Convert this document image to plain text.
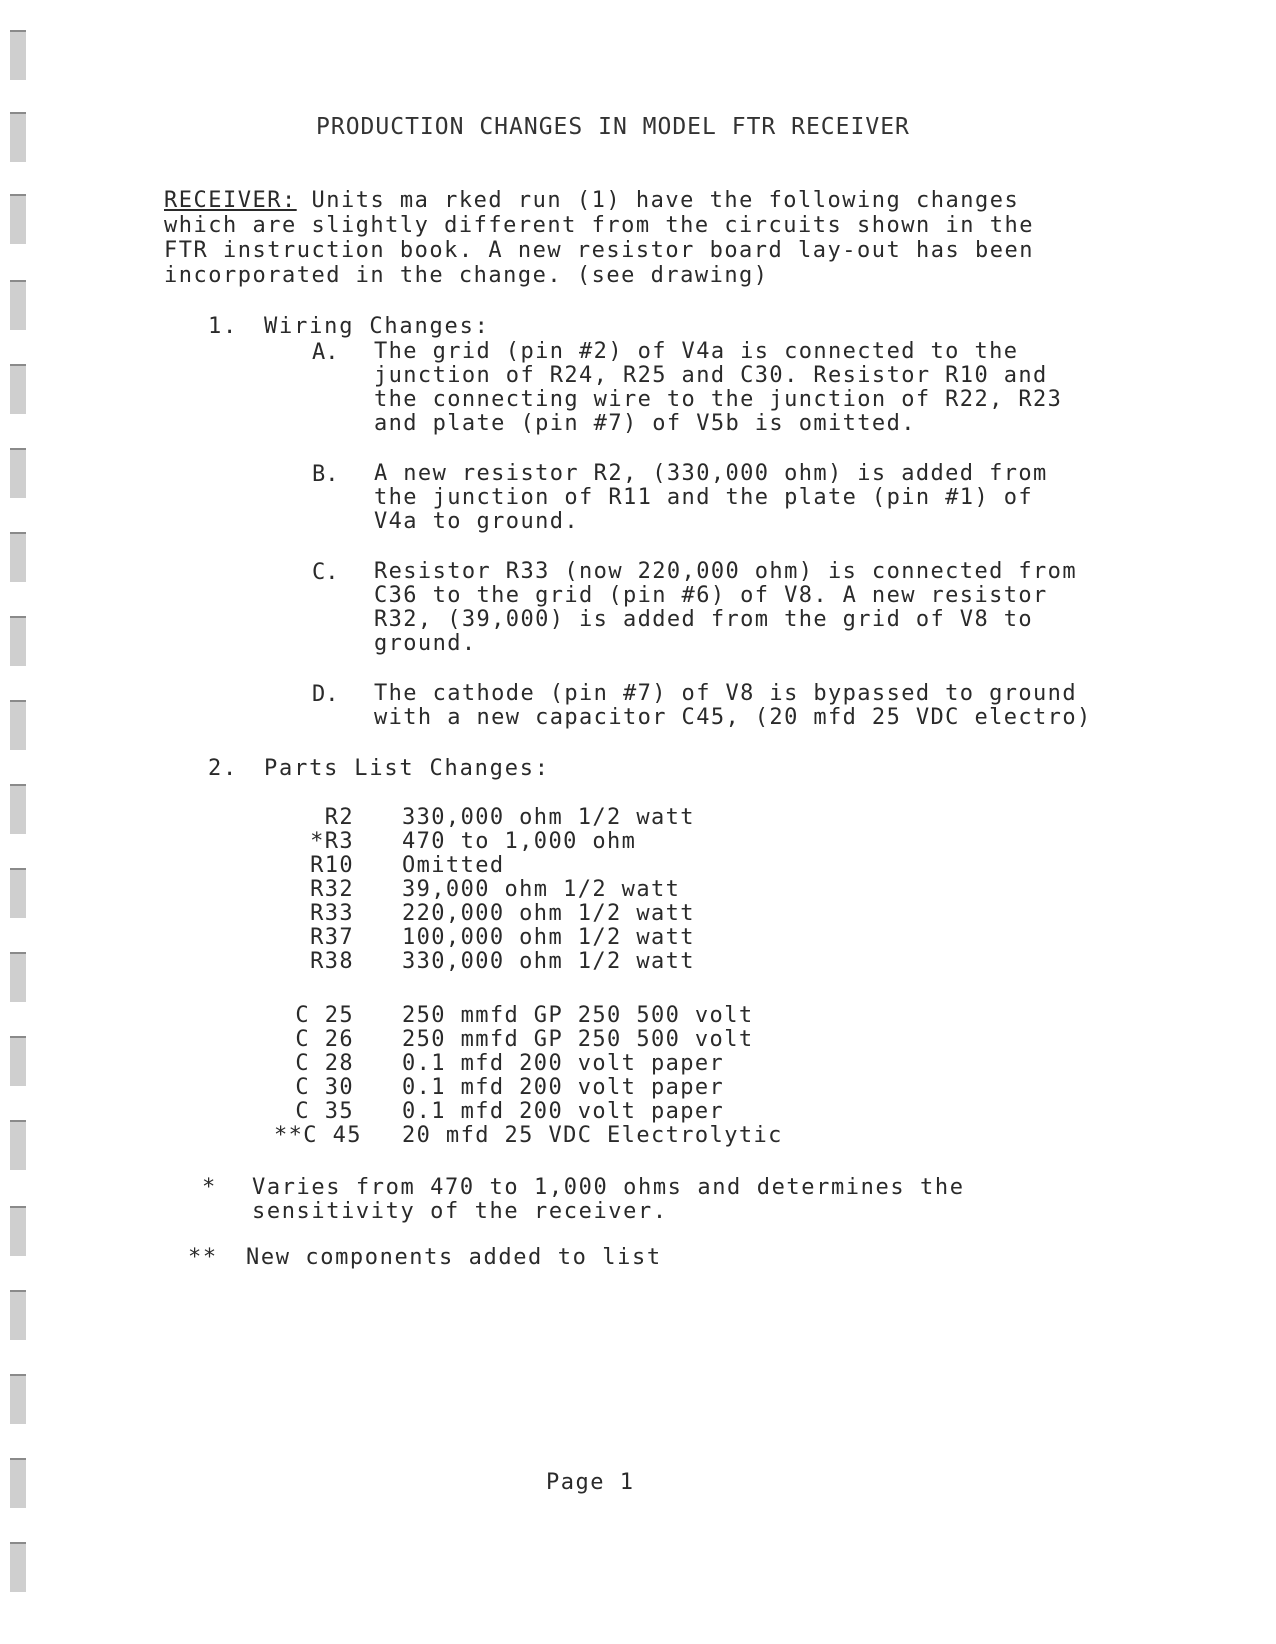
PRODUCTION CHANGES IN MODEL FTR RECEIVER
RECEIVER: Units ma rked run (1) have the following changes
which are slightly different from the circuits shown in the
FTR instruction book. A new resistor board lay-out has been
incorporated in the change. (see drawing)
1. Wiring Changes:
A. The grid (pin #2) of V4a is connected to the
junction of R24, R25 and C30. Resistor R10 and
the connecting wire to the junction of R22, R23
and plate (pin #7) of V5b is omitted.
B. A new resistor R2, (330,000 ohm) is added from
the junction of R11 and the plate (pin #1) of
V4a to ground.
C. Resistor R33 (now 220,000 ohm) is connected from
C36 to the grid (pin #6) of V8. A new resistor
R32, (39,000) is added from the grid of V8 to
ground.
D. The cathode (pin #7) of V8 is bypassed to ground
with a new capacitor C45, (20 mfd 25 VDC electro)
2. Parts List Changes:
R2 330,000 ohm 1/2 watt
*R3 470 to 1,000 ohm
R10 Omitted
R32 39,000 ohm 1/2 watt
R33 220,000 ohm 1/2 watt
R37 100,000 ohm 1/2 watt
R38 330,000 ohm 1/2 watt
C 25 250 mmfd GP 250 500 volt
C 26 250 mmfd GP 250 500 volt
C 28 0.1 mfd 200 volt paper
C 30 0.1 mfd 200 volt paper
C 35 0.1 mfd 200 volt paper
**C 45 20 mfd 25 VDC Electrolytic

* Varies from 470 to 1,000 ohms and determines the
sensitivity of the receiver.

** New components added to list

Page 1
